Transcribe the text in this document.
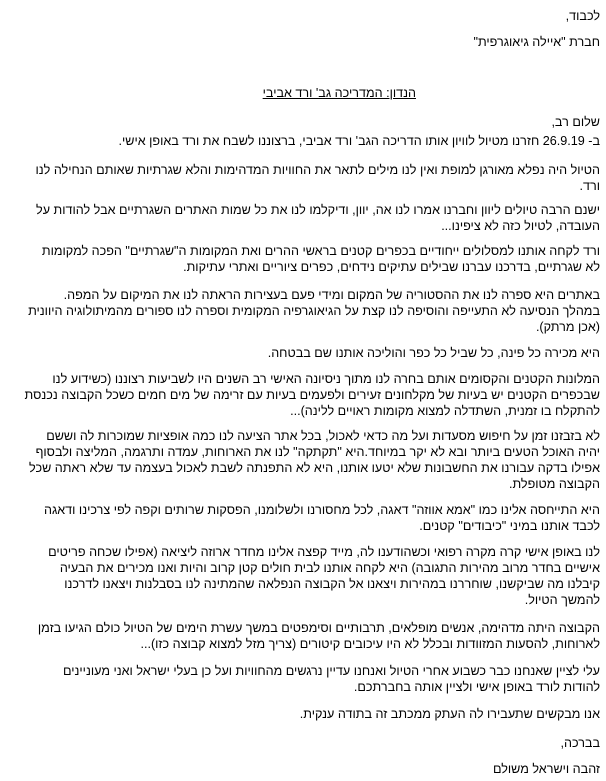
לכבוד,
חברת "איילה גיאוגרפית"
הנדון: המדריכה גב' ורד אביבי
שלום רב,
ב- 26.9.19 חזרנו מטיול לוויון אותו הדריכה הגב' ורד אביבי, ברצוננו לשבח את ורד באופן אישי.
הטיול היה נפלא מאורגן למופת ואין לנו מילים לתאר את החוויות המדהימות והלא שגרתיות שאותם הנחילה לנו
ורד.
ישנם הרבה טיולים ליוון וחברנו אמרו לנו אה, יוון, ודיקלמו לנו את כל שמות האתרים השגרתיים אבל להודות על
העובדה, לטיול כזה לא ציפינו...
ורד לקחה אותנו למסלולים ייחודיים בכפרים קטנים בראשי ההרים ואת המקומות ה"שגרתיים" הפכה למקומות
לא שגרתיים, בדרכנו עברנו שבילים עתיקים נידחים, כפרים ציוריים ואתרי עתיקות.
באתרים היא ספרה לנו את ההסטוריה של המקום ומידי פעם בעצירות הראתה לנו את המיקום על המפה.
במהלך הנסיעה לא התעייפה והוסיפה לנו קצת על הגיאוגרפיה המקומית וספרה לנו ספורים מהמיתולוגיה היוונית
(אכן מרתק).
היא מכירה כל פינה, כל שביל כל כפר והוליכה אותנו שם בבטחה.
המלונות הקטנים והקסומים אותם בחרה לנו מתוך ניסיונה האישי רב השנים היו לשביעות רצוננו (כשידוע לנו
שבכפרים הקטנים יש בעיות של מקלחונים זעירים ולפעמים בעיות עם זרימה של מים חמים כשכל הקבוצה נכנסת
להתקלח בו זמנית, השתדלה למצוא מקומות ראויים ללינה)...
לא בזבזנו זמן על חיפוש מסעדות ועל מה כדאי לאכול, בכל אתר הציעה לנו כמה אופציות שמוכרות לה וששם
יהיה האוכל הטעים ביותר ובא לא יקר במיוחד.היא "תקתקה" לנו את הארוחות, עמדה ותרגמה, המליצה ולבסוף
אפילו בדקה עבורנו את החשבונות שלא יטעו אותנו, היא לא התפנתה לשבת לאכול בעצמה עד שלא ראתה שכל
הקבוצה מטופלת.
היא התייחסה אלינו כמו "אמא אווזה" דאגה, לכל מחסורנו ולשלומנו, הפסקות שרותים וקפה לפי צרכינו ודאגה
לכבד אותנו במיני "כיבודים" קטנים.
לנו באופן אישי קרה מקרה רפואי וכשהודענו לה, מייד קפצה אלינו מחדר ארוזה ליציאה (אפילו שכחה פריטים
אישיים בחדר מרוב מהירות התגובה) היא לקחה אותנו לבית חולים קטן קרוב והיות ואנו מכירים את הבעיה
קיבלנו מה שביקשנו, שוחררנו במהירות ויצאנו אל הקבוצה הנפלאה שהמתינה לנו בסבלנות ויצאנו לדרכנו
להמשך הטיול.
הקבוצה היתה מדהימה, אנשים מופלאים, תרבותיים וסימפטים במשך עשרת הימים של הטיול כולם הגיעו בזמן
לארוחות, להסעות המזוודות ובכלל לא היו עיכובים קיטורים (צריך מזל למצוא קבוצה כזו)...
עלי לציין שאנחנו כבר כשבוע אחרי הטיול ואנחנו עדיין נרגשים מהחוויות ועל כן בעלי ישראל ואני מעוניינים
להודות לורד באופן אישי ולציין אותה בחברתכם.
אנו מבקשים שתעבירו לה העתק ממכתב זה בתודה ענקית.
בברכה,
זהבה וישראל משולם
